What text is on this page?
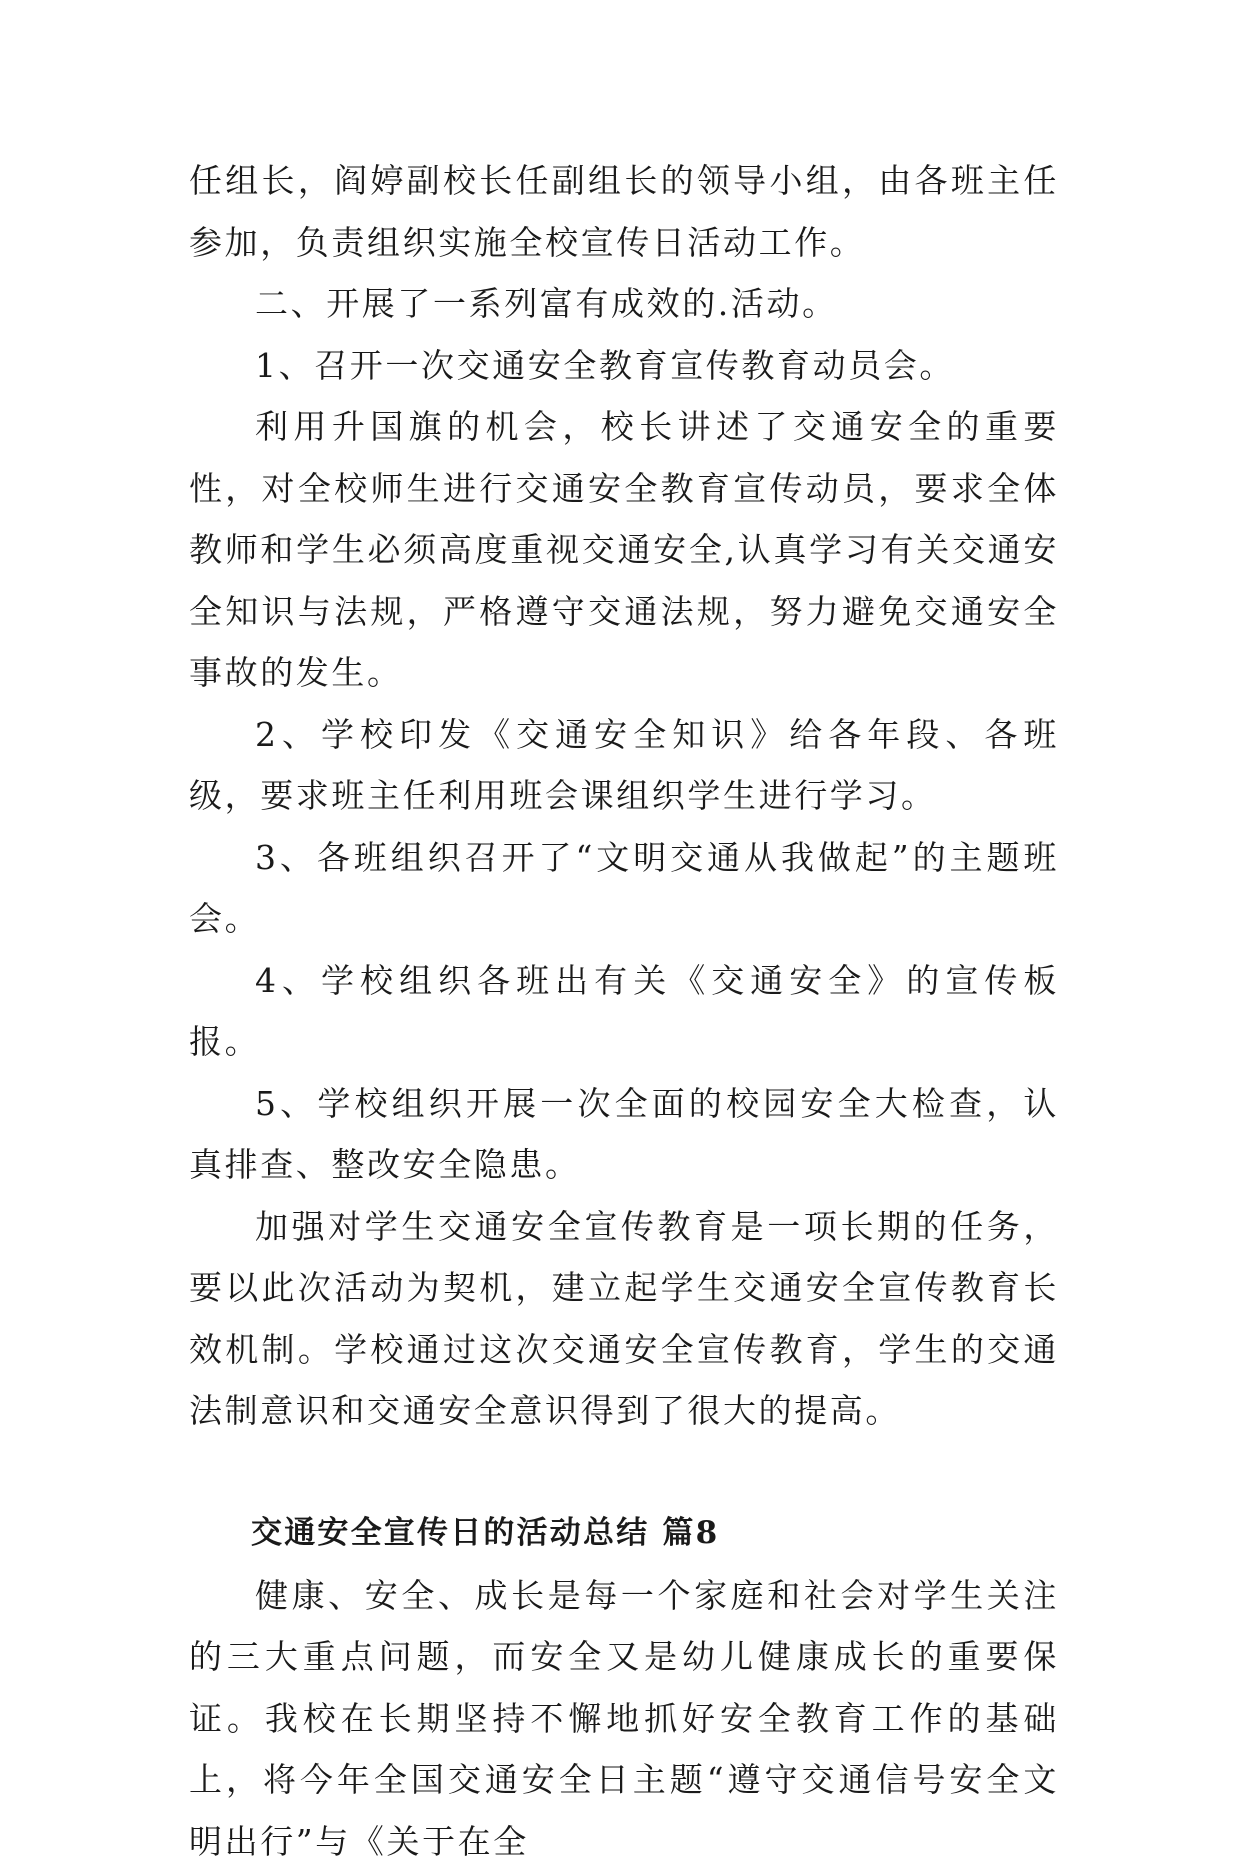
任组长，阎婷副校长任副组长的领导小组，由各班主任参加，负责组织实施全校宣传日活动工作。

二、开展了一系列富有成效的.活动。

1、召开一次交通安全教育宣传教育动员会。

利用升国旗的机会，校长讲述了交通安全的重要性，对全校师生进行交通安全教育宣传动员，要求全体教师和学生必须高度重视交通安全,认真学习有关交通安全知识与法规，严格遵守交通法规，努力避免交通安全事故的发生。

2、学校印发《交通安全知识》给各年段、各班级，要求班主任利用班会课组织学生进行学习。

3、各班组织召开了“文明交通从我做起”的主题班会。

4、学校组织各班出有关《交通安全》的宣传板报。

5、学校组织开展一次全面的校园安全大检查，认真排查、整改安全隐患。

加强对学生交通安全宣传教育是一项长期的任务，要以此次活动为契机，建立起学生交通安全宣传教育长效机制。学校通过这次交通安全宣传教育，学生的交通法制意识和交通安全意识得到了很大的提高。

交通安全宣传日的活动总结 篇8

健康、安全、成长是每一个家庭和社会对学生关注的三大重点问题，而安全又是幼儿健康成长的重要保证。我校在长期坚持不懈地抓好安全教育工作的基础上，将今年全国交通安全日主题“遵守交通信号安全文明出行”与《关于在全
